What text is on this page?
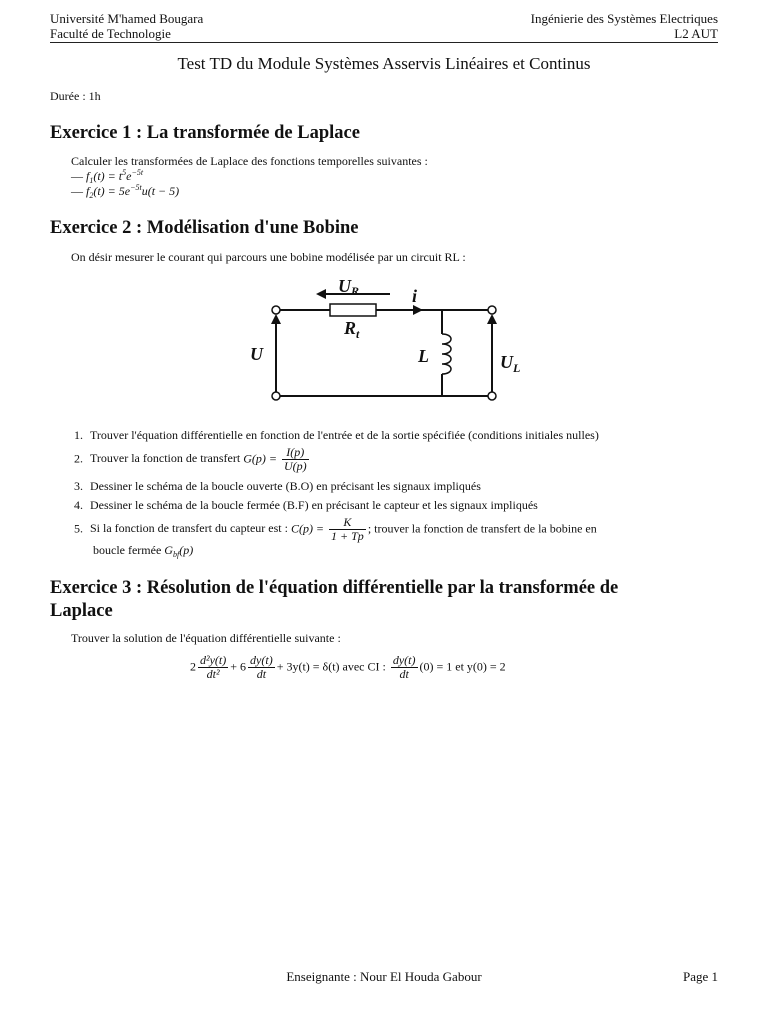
Université M'hamed Bougara
Faculté de Technologie
Ingénierie des Systèmes Electriques
L2 AUT
Test TD du Module Systèmes Asservis Linéaires et Continus
Durée : 1h
Exercice 1 : La transformée de Laplace
Calculer les transformées de Laplace des fonctions temporelles suivantes :
— $f_1(t) = t^5e^{-5t}$
— $f_2(t) = 5e^{-5t}u(t - 5)$
Exercice 2 : Modélisation d'une Bobine
On désir mesurer le courant qui parcours une bobine modélisée par un circuit RL :
UR	i
$R_t$
U	L	$U_L$
1. Trouver l'équation différentielle en fonction de l'entrée et de la sortie spécifiée (conditions initiales nulles)
2. Trouver la fonction de transfert $G(p) = \frac{I(p)}{U(p)}$
3. Dessiner le schéma de la boucle ouverte (B.O) en précisant les signaux impliqués
4. Dessiner le schéma de la boucle fermée (B.F) en précisant le capteur et les signaux impliqués
5. Si la fonction de transfert du capteur est : $C(p) = \frac{K}{1 + Tp}$ ; trouver la fonction de transfert de la bobine en
boucle fermée $G_{bf}(p)$
Exercice 3 : Résolution de l'équation différentielle par la transformée de
Laplace
Trouver la solution de l'équation différentielle suivante :
$2 \frac{\text{d²y(t)}}{\text{dt²}} + 6 \frac{dy(t)}{dt} + 3y(t) = \delta(t)$ avec CI : $\frac{dy(t)}{dt} (0) = 1$ et y(0) = 2
Enseignante : Nour El Houda Gabour	Page 1
